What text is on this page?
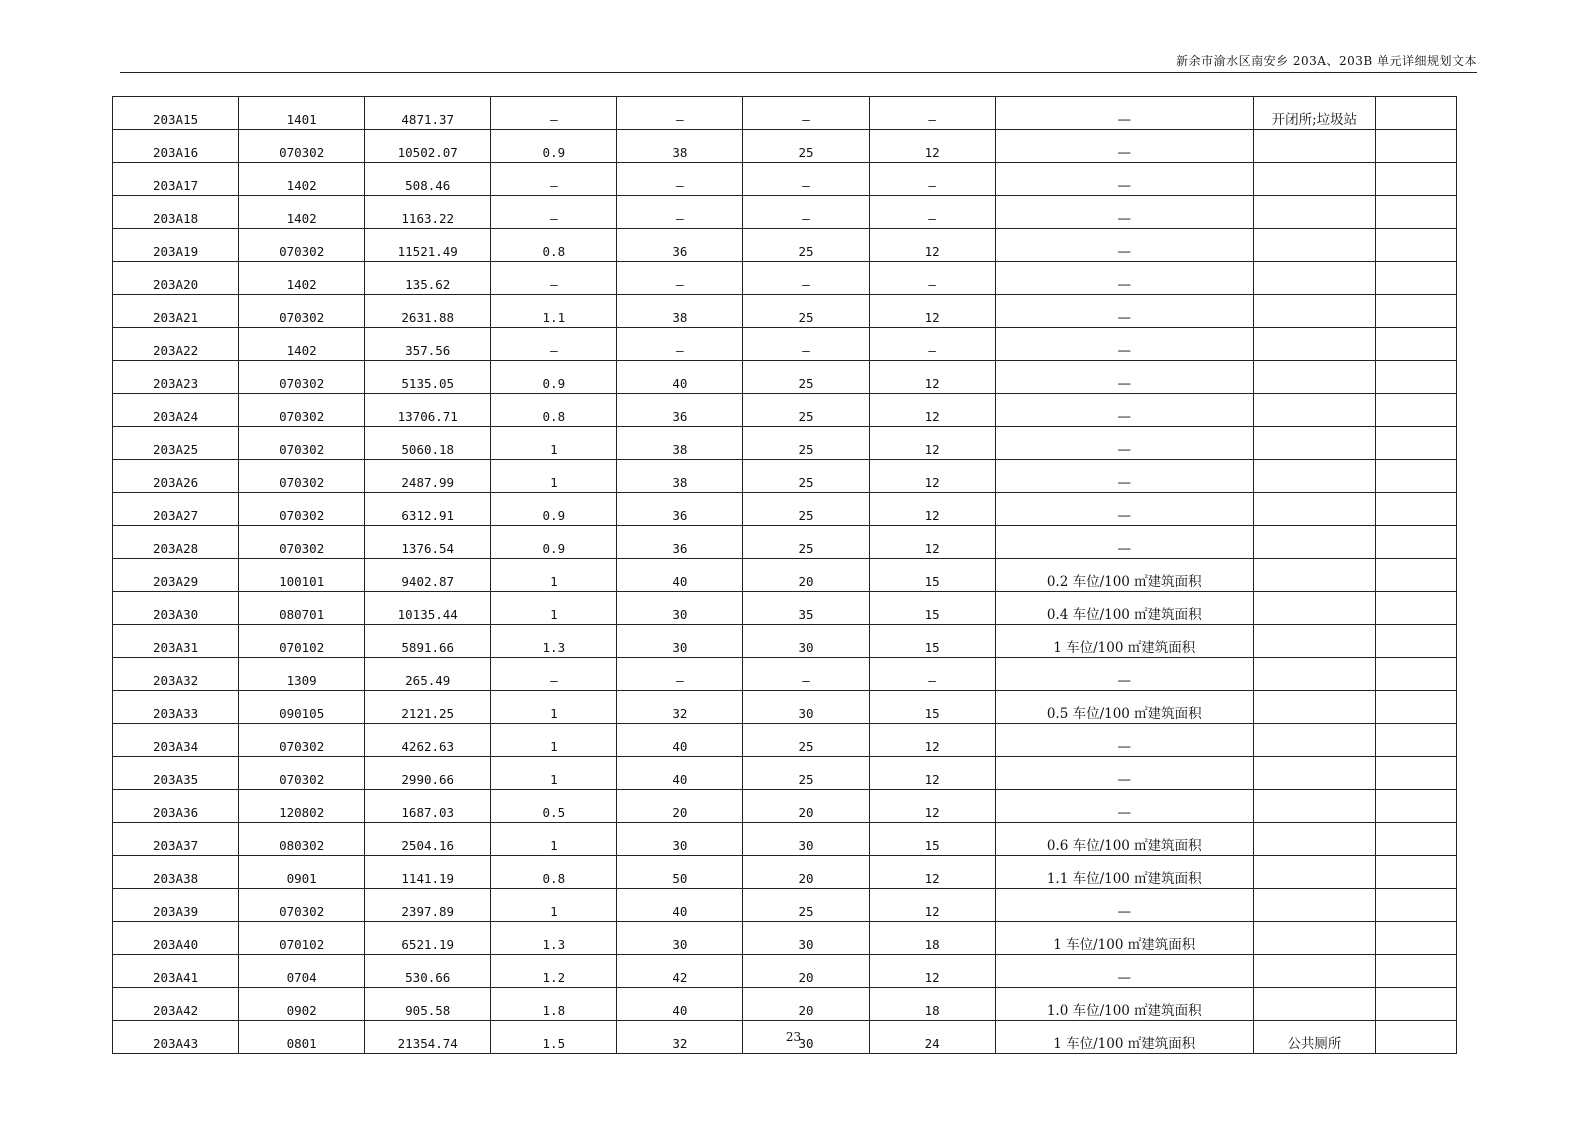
新余市渝水区南安乡 203A、203B 单元详细规划文本
203A15	1401	4871.37	—	—	—	—	—	开闭所;垃圾站	
203A16	070302	10502.07	0.9	38	25	12	—		
203A17	1402	508.46	—	—	—	—	—		
203A18	1402	1163.22	—	—	—	—	—		
203A19	070302	11521.49	0.8	36	25	12	—		
203A20	1402	135.62	—	—	—	—	—		
203A21	070302	2631.88	1.1	38	25	12	—		
203A22	1402	357.56	—	—	—	—	—		
203A23	070302	5135.05	0.9	40	25	12	—		
203A24	070302	13706.71	0.8	36	25	12	—		
203A25	070302	5060.18	1	38	25	12	—		
203A26	070302	2487.99	1	38	25	12	—		
203A27	070302	6312.91	0.9	36	25	12	—		
203A28	070302	1376.54	0.9	36	25	12	—		
203A29	100101	9402.87	1	40	20	15	0.2 车位/100 ㎡建筑面积		
203A30	080701	10135.44	1	30	35	15	0.4 车位/100 ㎡建筑面积		
203A31	070102	5891.66	1.3	30	30	15	1 车位/100 ㎡建筑面积		
203A32	1309	265.49	—	—	—	—	—		
203A33	090105	2121.25	1	32	30	15	0.5 车位/100 ㎡建筑面积		
203A34	070302	4262.63	1	40	25	12	—		
203A35	070302	2990.66	1	40	25	12	—		
203A36	120802	1687.03	0.5	20	20	12	—		
203A37	080302	2504.16	1	30	30	15	0.6 车位/100 ㎡建筑面积		
203A38	0901	1141.19	0.8	50	20	12	1.1 车位/100 ㎡建筑面积		
203A39	070302	2397.89	1	40	25	12	—		
203A40	070102	6521.19	1.3	30	30	18	1 车位/100 ㎡建筑面积		
203A41	0704	530.66	1.2	42	20	12	—		
203A42	0902	905.58	1.8	40	20	18	1.0 车位/100 ㎡建筑面积		
203A43	0801	21354.74	1.5	32	30	24	1 车位/100 ㎡建筑面积	公共厕所	
23
